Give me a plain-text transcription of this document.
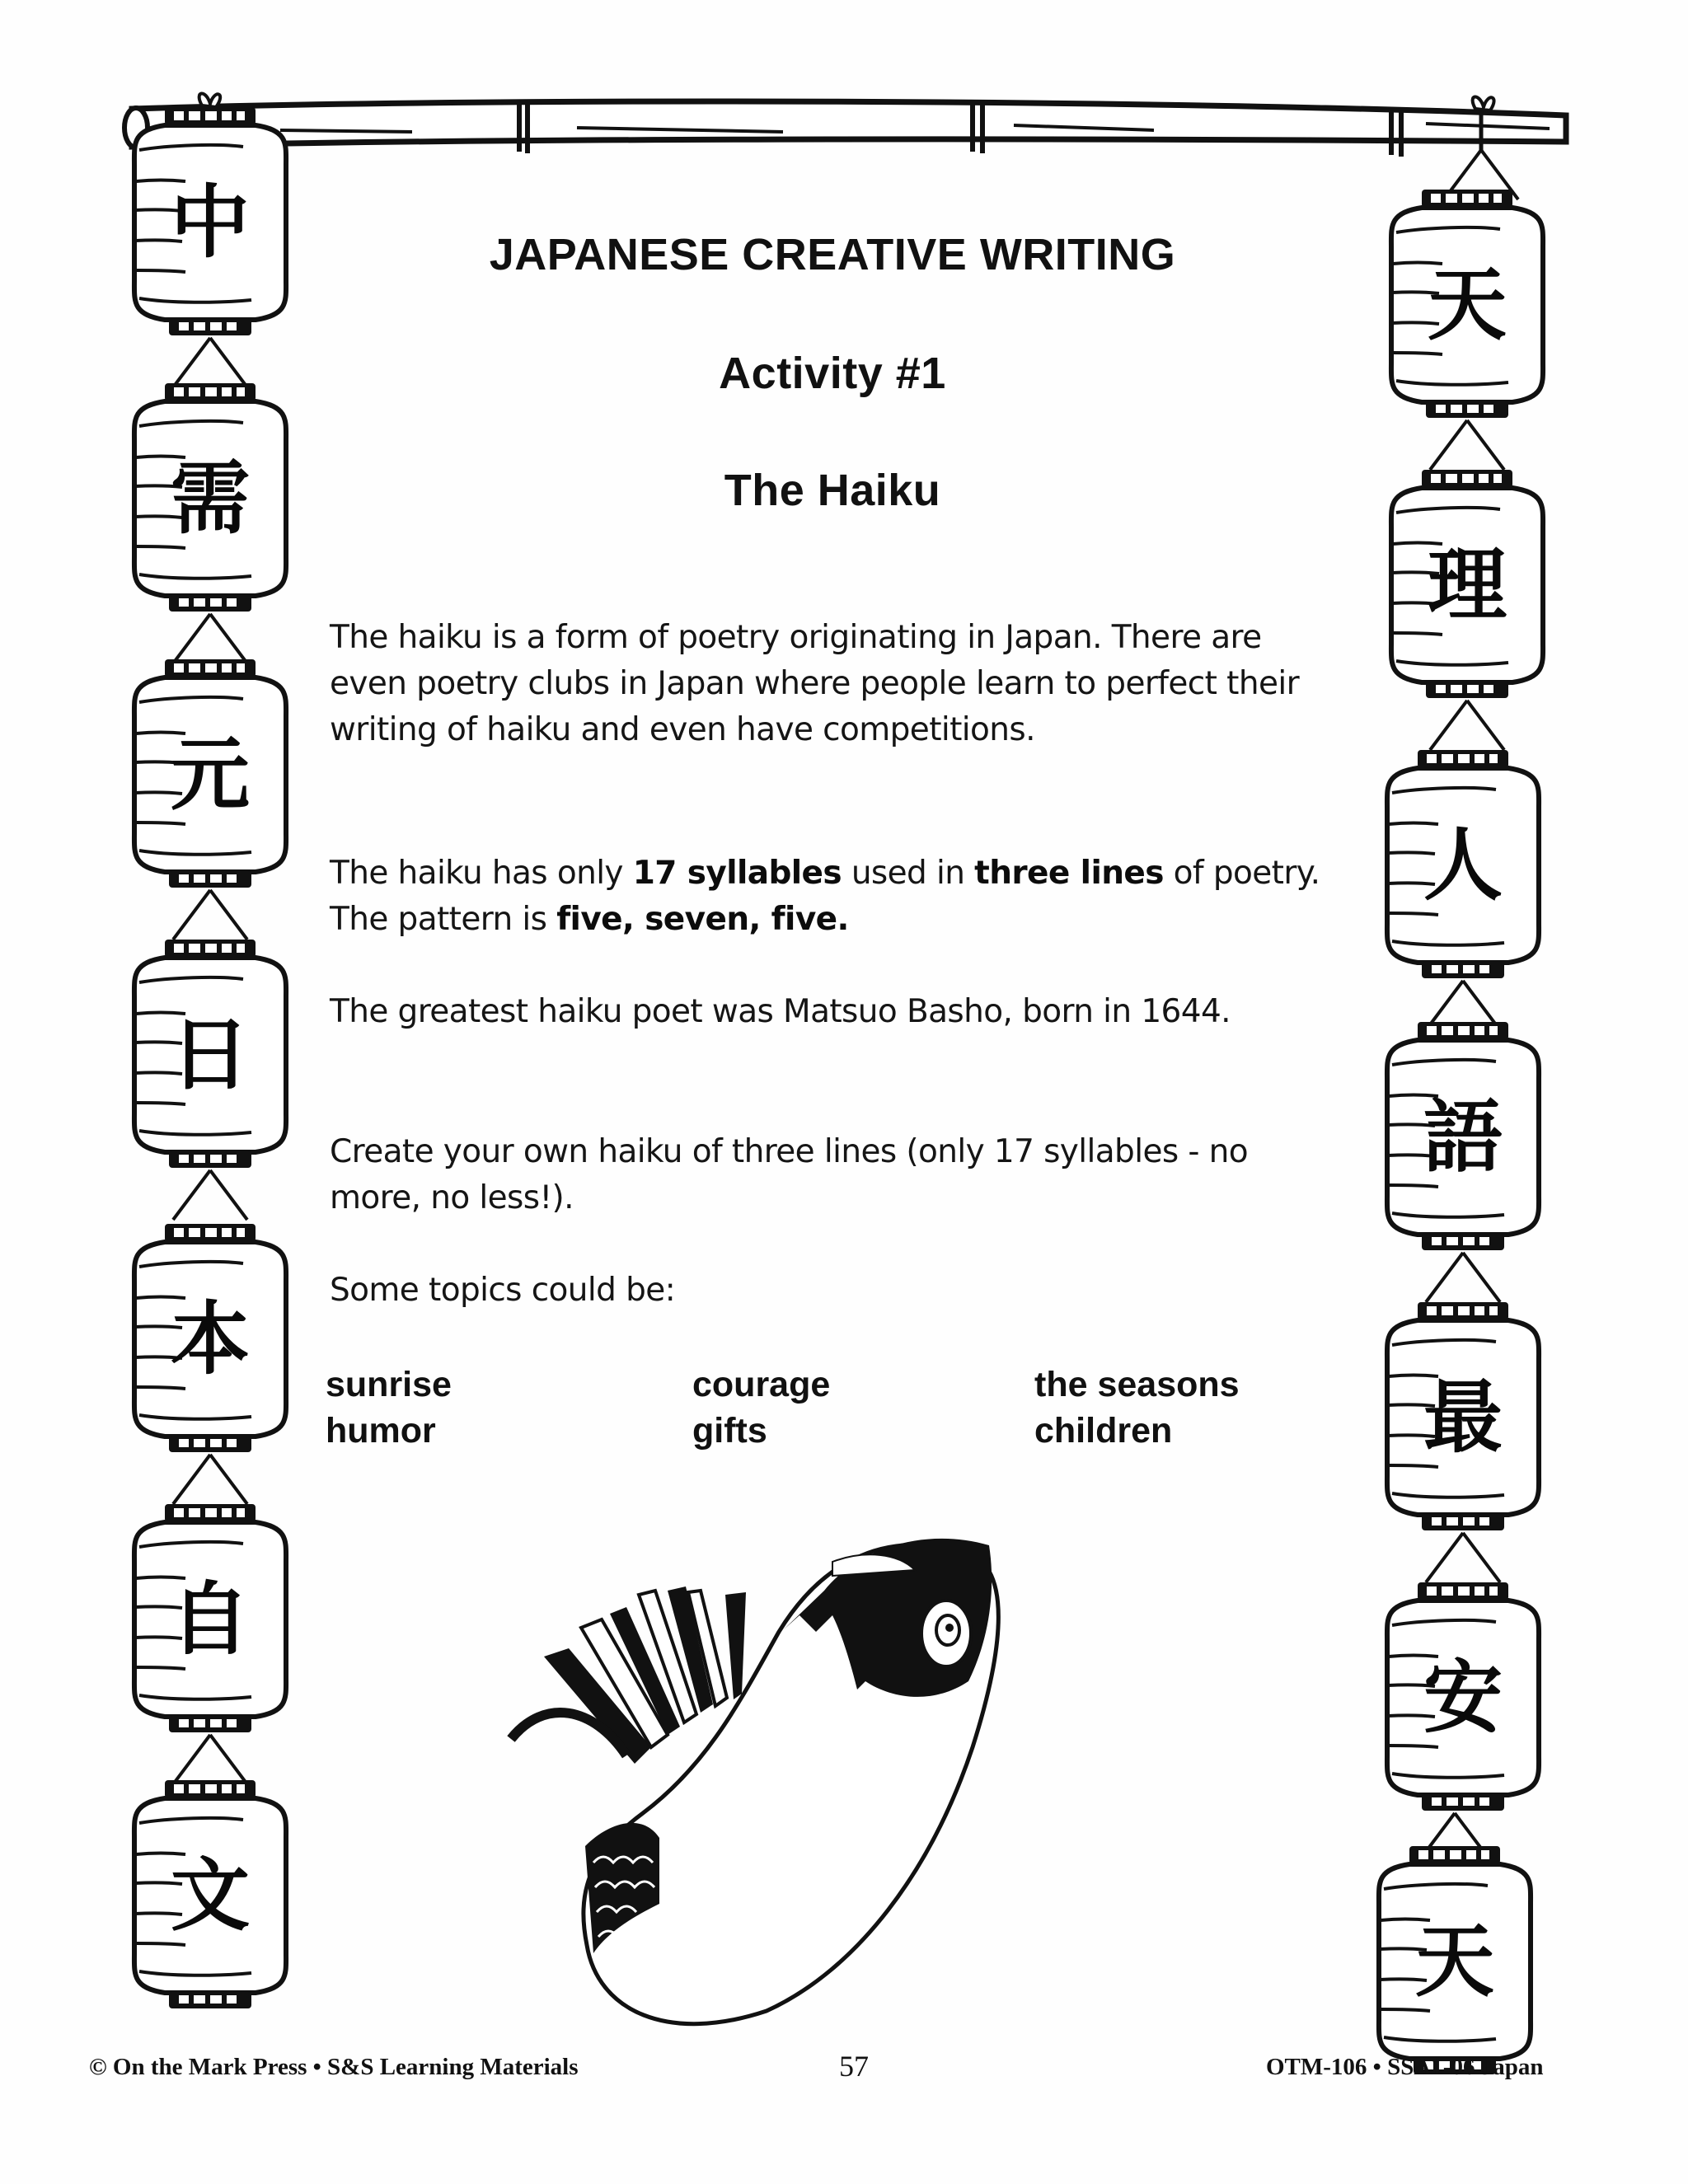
中
需
元
日
本
自
文
天
理
人
語
最
安
天
JAPANESE CREATIVE WRITING
Activity #1
The Haiku

The haiku is a form of poetry originating in Japan. There are even poetry clubs in Japan where people learn to perfect their writing of haiku and even have competitions.

The haiku has only 17 syllables used in three lines of poetry. The pattern is five, seven, five.

The greatest haiku poet was Matsuo Basho, born in 1644.

Create your own haiku of three lines (only 17 syllables - no more, no less!).

Some topics could be:

sunrise
humor
courage
gifts
the seasons
children
© On the Mark Press • S&S Learning Materials	57	OTM-106 • SSA1-06 Japan
